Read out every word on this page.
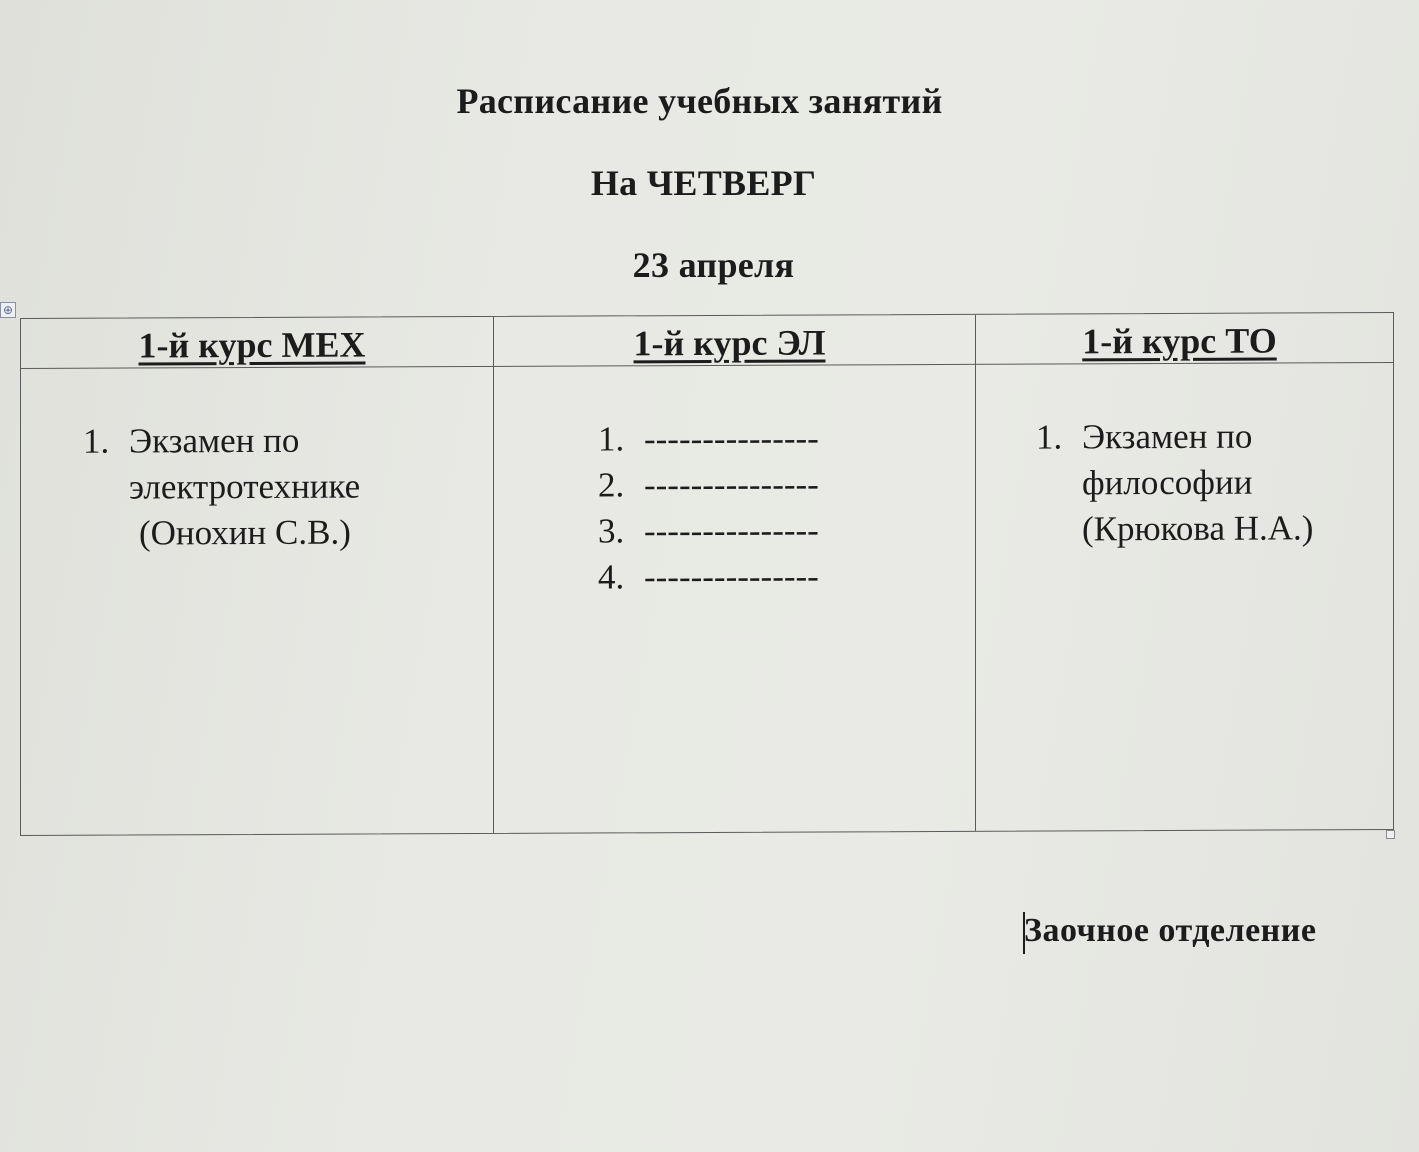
Расписание учебных занятий
На ЧЕТВЕРГ
23 апреля
⊕
1-й курс МЕХ
1. Экзамен по
электротехнике
(Онохин С.В.)
1-й курс ЭЛ
1. ---------------
2. ---------------
3. ---------------
4. ---------------
1-й курс ТО
1. Экзамен по
философии
(Крюкова Н.А.)
Заочное отделение
